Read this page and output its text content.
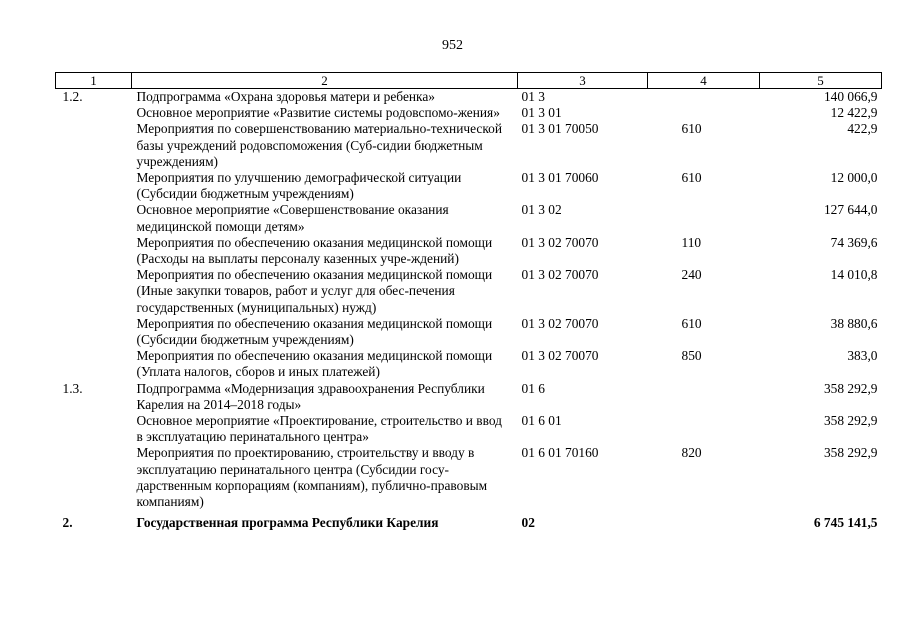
952
1	2	3	4	5
1.2.	Подпрограмма «Охрана здоровья матери и ребенка»	01 3		140 066,9
	Основное мероприятие «Развитие системы родовспомо-жения»	01 3 01		12 422,9
	Мероприятия по совершенствованию материально-технической базы учреждений родовспоможения (Суб-сидии бюджетным учреждениям)	01 3 01 70050	610	422,9
	Мероприятия по улучшению демографической ситуации (Субсидии бюджетным учреждениям)	01 3 01 70060	610	12 000,0
	Основное мероприятие «Совершенствование оказания медицинской помощи детям»	01 3 02		127 644,0
	Мероприятия по обеспечению оказания медицинской помощи (Расходы на выплаты персоналу казенных учре-ждений)	01 3 02 70070	110	74 369,6
	Мероприятия по обеспечению оказания медицинской помощи (Иные закупки товаров, работ и услуг для обес-печения государственных (муниципальных) нужд)	01 3 02 70070	240	14 010,8
	Мероприятия по обеспечению оказания медицинской помощи (Субсидии бюджетным учреждениям)	01 3 02 70070	610	38 880,6
	Мероприятия по обеспечению оказания медицинской помощи (Уплата налогов, сборов и иных платежей)	01 3 02 70070	850	383,0
1.3.	Подпрограмма «Модернизация здравоохранения Республики Карелия на 2014–2018 годы»	01 6		358 292,9
	Основное мероприятие «Проектирование, строительство и ввод в эксплуатацию перинатального центра»	01 6 01		358 292,9
	Мероприятия по проектированию, строительству и вводу в эксплуатацию перинатального центра (Субсидии госу-дарственным корпорациям (компаниям), публично-правовым компаниям)	01 6 01 70160	820	358 292,9
2.	Государственная программа Республики Карелия	02		6 745 141,5
